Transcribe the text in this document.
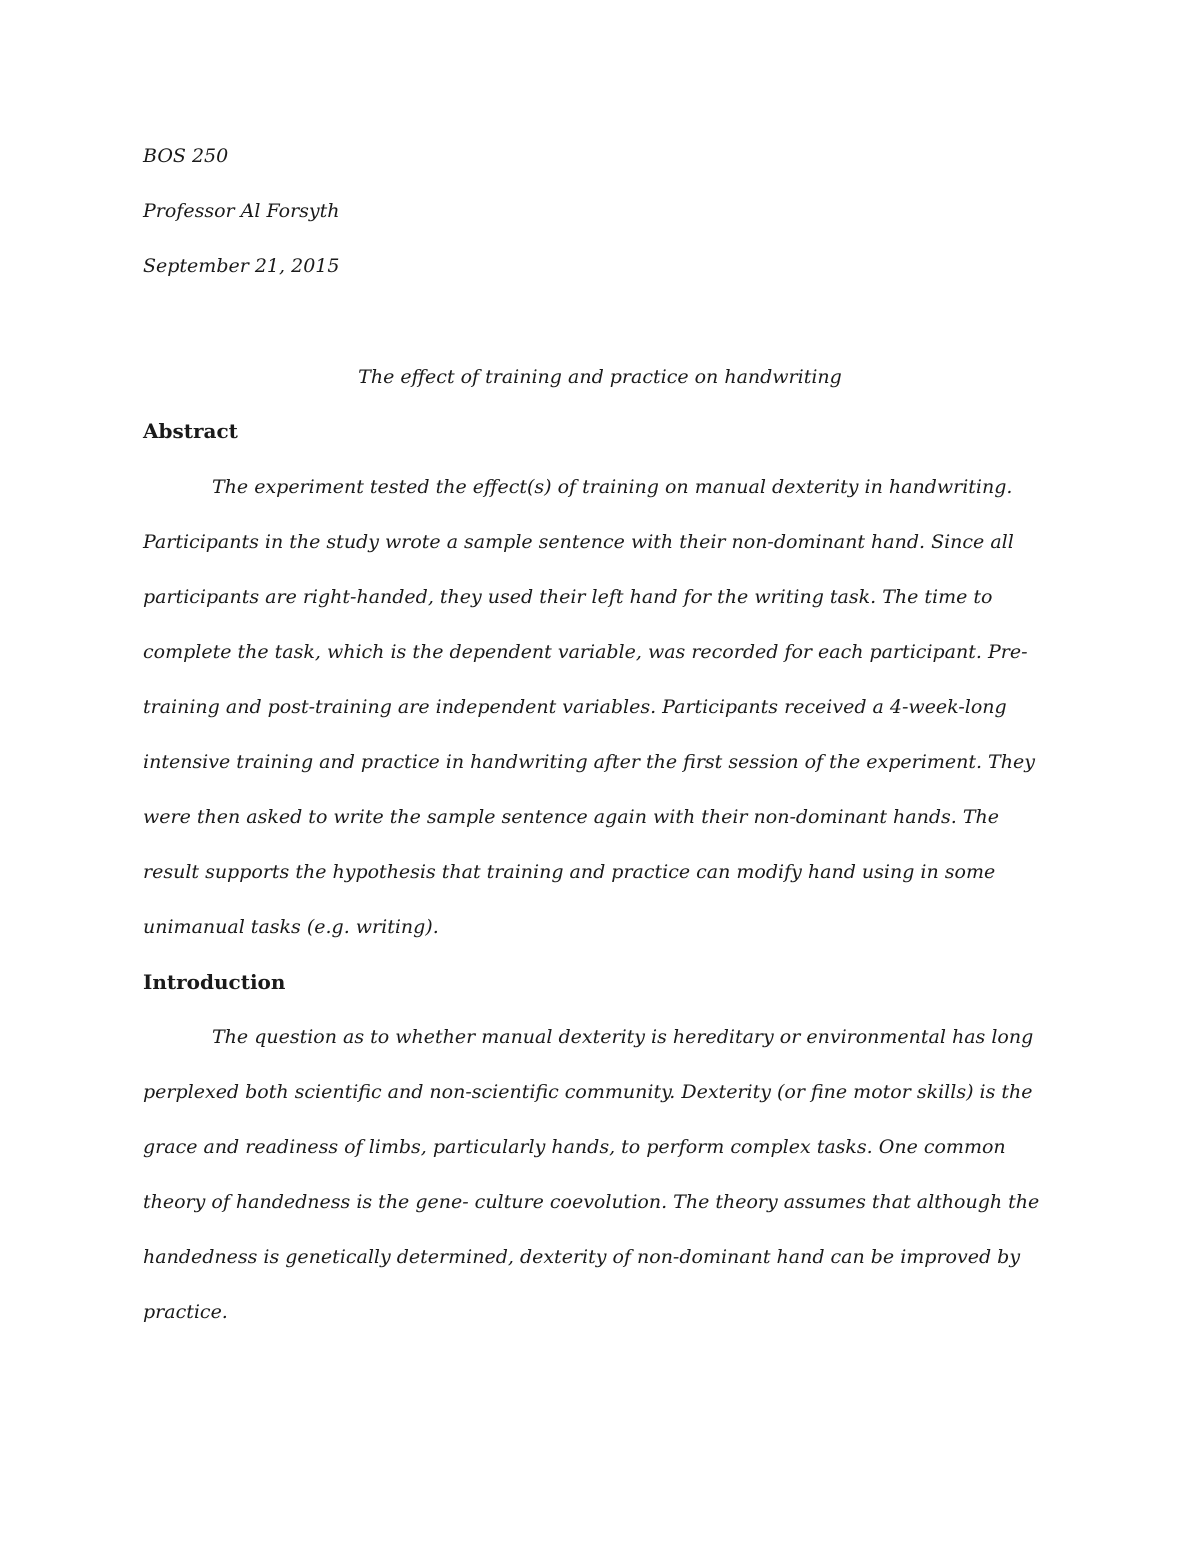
BOS 250
Professor Al Forsyth
September 21, 2015
The effect of training and practice on handwriting
Abstract
The experiment tested the effect(s) of training on manual dexterity in handwriting.
Participants in the study wrote a sample sentence with their non-dominant hand. Since all
participants are right-handed, they used their left hand for the writing task. The time to
complete the task, which is the dependent variable, was recorded for each participant. Pre-
training and post-training are independent variables. Participants received a 4-week-long
intensive training and practice in handwriting after the first session of the experiment. They
were then asked to write the sample sentence again with their non-dominant hands. The
result supports the hypothesis that training and practice can modify hand using in some
unimanual tasks (e.g. writing).
Introduction
The question as to whether manual dexterity is hereditary or environmental has long
perplexed both scientific and non-scientific community. Dexterity (or fine motor skills) is the
grace and readiness of limbs, particularly hands, to perform complex tasks. One common
theory of handedness is the gene- culture coevolution. The theory assumes that although the
handedness is genetically determined, dexterity of non-dominant hand can be improved by
practice.
